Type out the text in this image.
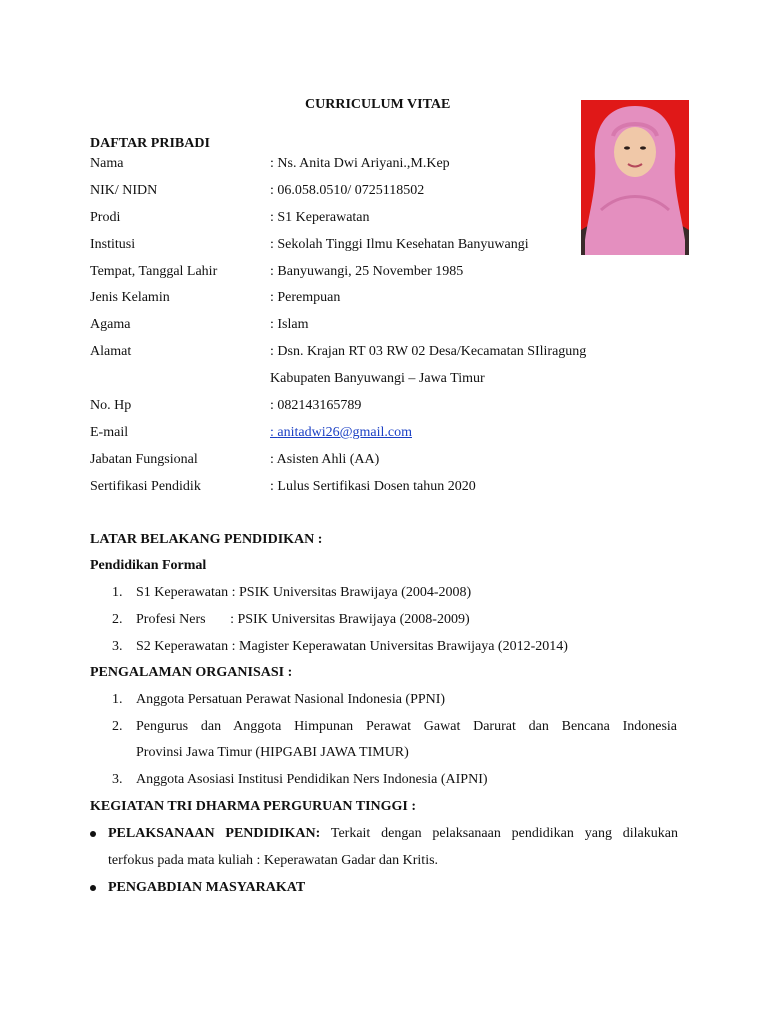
CURRICULUM VITAE
DAFTAR PRIBADI
Nama	: Ns. Anita Dwi Ariyani.,M.Kep
NIK/ NIDN	: 06.058.0510/ 0725118502
Prodi	: S1 Keperawatan
Institusi	: Sekolah Tinggi Ilmu Kesehatan Banyuwangi
Tempat, Tanggal Lahir	: Banyuwangi, 25 November 1985
Jenis Kelamin	: Perempuan
Agama	: Islam
Alamat	: Dsn. Krajan RT 03 RW 02 Desa/Kecamatan SIliragung
Kabupaten Banyuwangi – Jawa Timur
No. Hp	: 082143165789
E-mail	: anitadwi26@gmail.com
Jabatan Fungsional	: Asisten Ahli (AA)
Sertifikasi Pendidik	: Lulus Sertifikasi Dosen tahun 2020
LATAR BELAKANG PENDIDIKAN :
Pendidikan Formal
1. S1 Keperawatan : PSIK Universitas Brawijaya (2004-2008)
2. Profesi Ners       : PSIK Universitas Brawijaya (2008-2009)
3. S2 Keperawatan : Magister Keperawatan Universitas Brawijaya (2012-2014)
PENGALAMAN ORGANISASI :
1. Anggota Persatuan Perawat Nasional Indonesia (PPNI)
2. Pengurus dan Anggota Himpunan Perawat Gawat Darurat dan Bencana Indonesia
Provinsi Jawa Timur (HIPGABI JAWA TIMUR)
3. Anggota Asosiasi Institusi Pendidikan Ners Indonesia (AIPNI)
KEGIATAN TRI DHARMA PERGURUAN TINGGI :
PELAKSANAAN PENDIDIKAN: Terkait dengan pelaksanaan pendidikan yang dilakukan
terfokus pada mata kuliah : Keperawatan Gadar dan Kritis.
PENGABDIAN MASYARAKAT
